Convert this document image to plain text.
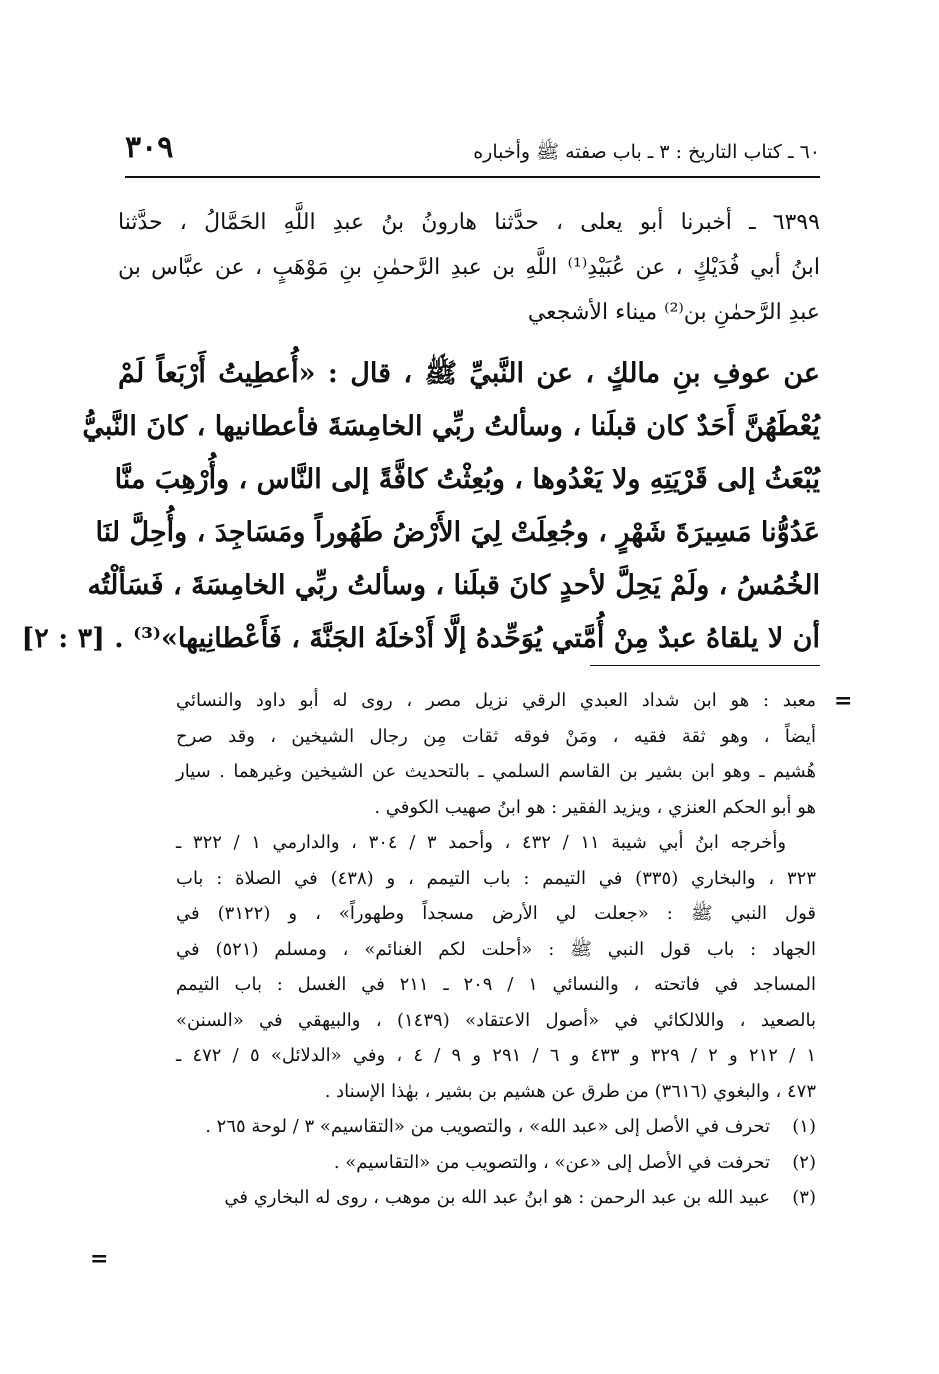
٣٠٩	٦٠ ـ كتاب التاريخ : ٣ ـ باب صفته ﷺ وأخباره
٦٣٩٩ ـ أخبرنا أبو يعلى ، حدَّثنا هارونُ بنُ عبدِ اللَّهِ الحَمَّالُ ، حدَّثنا
ابنُ أبي فُدَيْكٍ ، عن عُبَيْدِ⁽¹⁾ اللَّهِ بن عبدِ الرَّحمٰنِ بنِ مَوْهَبٍ ، عن عبَّاس بن
عبدِ الرَّحمٰنِ بن⁽²⁾ ميناء الأشجعي
عن عوفِ بنِ مالكٍ ، عن النَّبيِّ ﷺ ، قال : «أُعطِيتُ أَرْبَعاً لَمْ
يُعْطَهُنَّ أَحَدٌ كان قبلَنا ، وسألتُ ربِّي الخامِسَةَ فأعطانيها ، كانَ النَّبيُّ
يُبْعَثُ إلى قَرْيَتِهِ ولا يَعْدُوها ، وبُعِثْتُ كافَّةً إلى النَّاس ، وأُرْهِبَ منَّا
عَدُوُّنا مَسِيرَةَ شَهْرٍ ، وجُعِلَتْ لِيَ الأَرْضُ طَهُوراً ومَسَاجِدَ ، وأُحِلَّ لنَا
الخُمُسُ ، ولَمْ يَحِلَّ لأحدٍ كانَ قبلَنا ، وسألتُ ربِّي الخامِسَةَ ، فَسَألْتُه
أن لا يلقاهُ عبدٌ مِنْ أُمَّتي يُوَحِّدهُ إلَّا أَدْخلَهُ الجَنَّةَ ، فَأَعْطانِيها»⁽³⁾ . [٣ : ٢]
=
=
معبد : هو ابن شداد العبدي الرقي نزيل مصر ، روى له أبو داود والنسائي
أيضاً ، وهو ثقة فقيه ، ومَنْ فوقه ثقات مِن رجال الشيخين ، وقد صرح
هُشيم ـ وهو ابن بشير بن القاسم السلمي ـ بالتحديث عن الشيخين وغيرهما . سيار
هو أبو الحكم العنزي ، ويزيد الفقير : هو ابنُ صهيب الكوفي .
وأخرجه ابنُ أبي شيبة ١١ / ٤٣٢ ، وأحمد ٣ / ٣٠٤ ، والدارمي ١ / ٣٢٢ ـ
٣٢٣ ، والبخاري (٣٣٥) في التيمم : باب التيمم ، و (٤٣٨) في الصلاة : باب
قول النبي ﷺ : «جعلت لي الأرض مسجداً وطهوراً» ، و (٣١٢٢) في
الجهاد : باب قول النبي ﷺ : «أحلت لكم الغنائم» ، ومسلم (٥٢١) في
المساجد في فاتحته ، والنسائي ١ / ٢٠٩ ـ ٢١١ في الغسل : باب التيمم
بالصعيد ، واللالكائي في «أصول الاعتقاد» (١٤٣٩) ، والبيهقي في «السنن»
١ / ٢١٢ و ٢ / ٣٢٩ و ٤٣٣ و ٦ / ٢٩١ و ٩ / ٤ ، وفي «الدلائل» ٥ / ٤٧٢ ـ
٤٧٣ ، والبغوي (٣٦١٦) من طرق عن هشيم بن بشير ، بهٰذا الإسناد .
(١)
تحرف في الأصل إلى «عبد الله» ، والتصويب من «التقاسيم» ٣ / لوحة ٢٦٥ .
(٢)
تحرفت في الأصل إلى «عن» ، والتصويب من «التقاسيم» .
(٣)
عبيد الله بن عبد الرحمن : هو ابنُ عبد الله بن موهب ، روى له البخاري في
